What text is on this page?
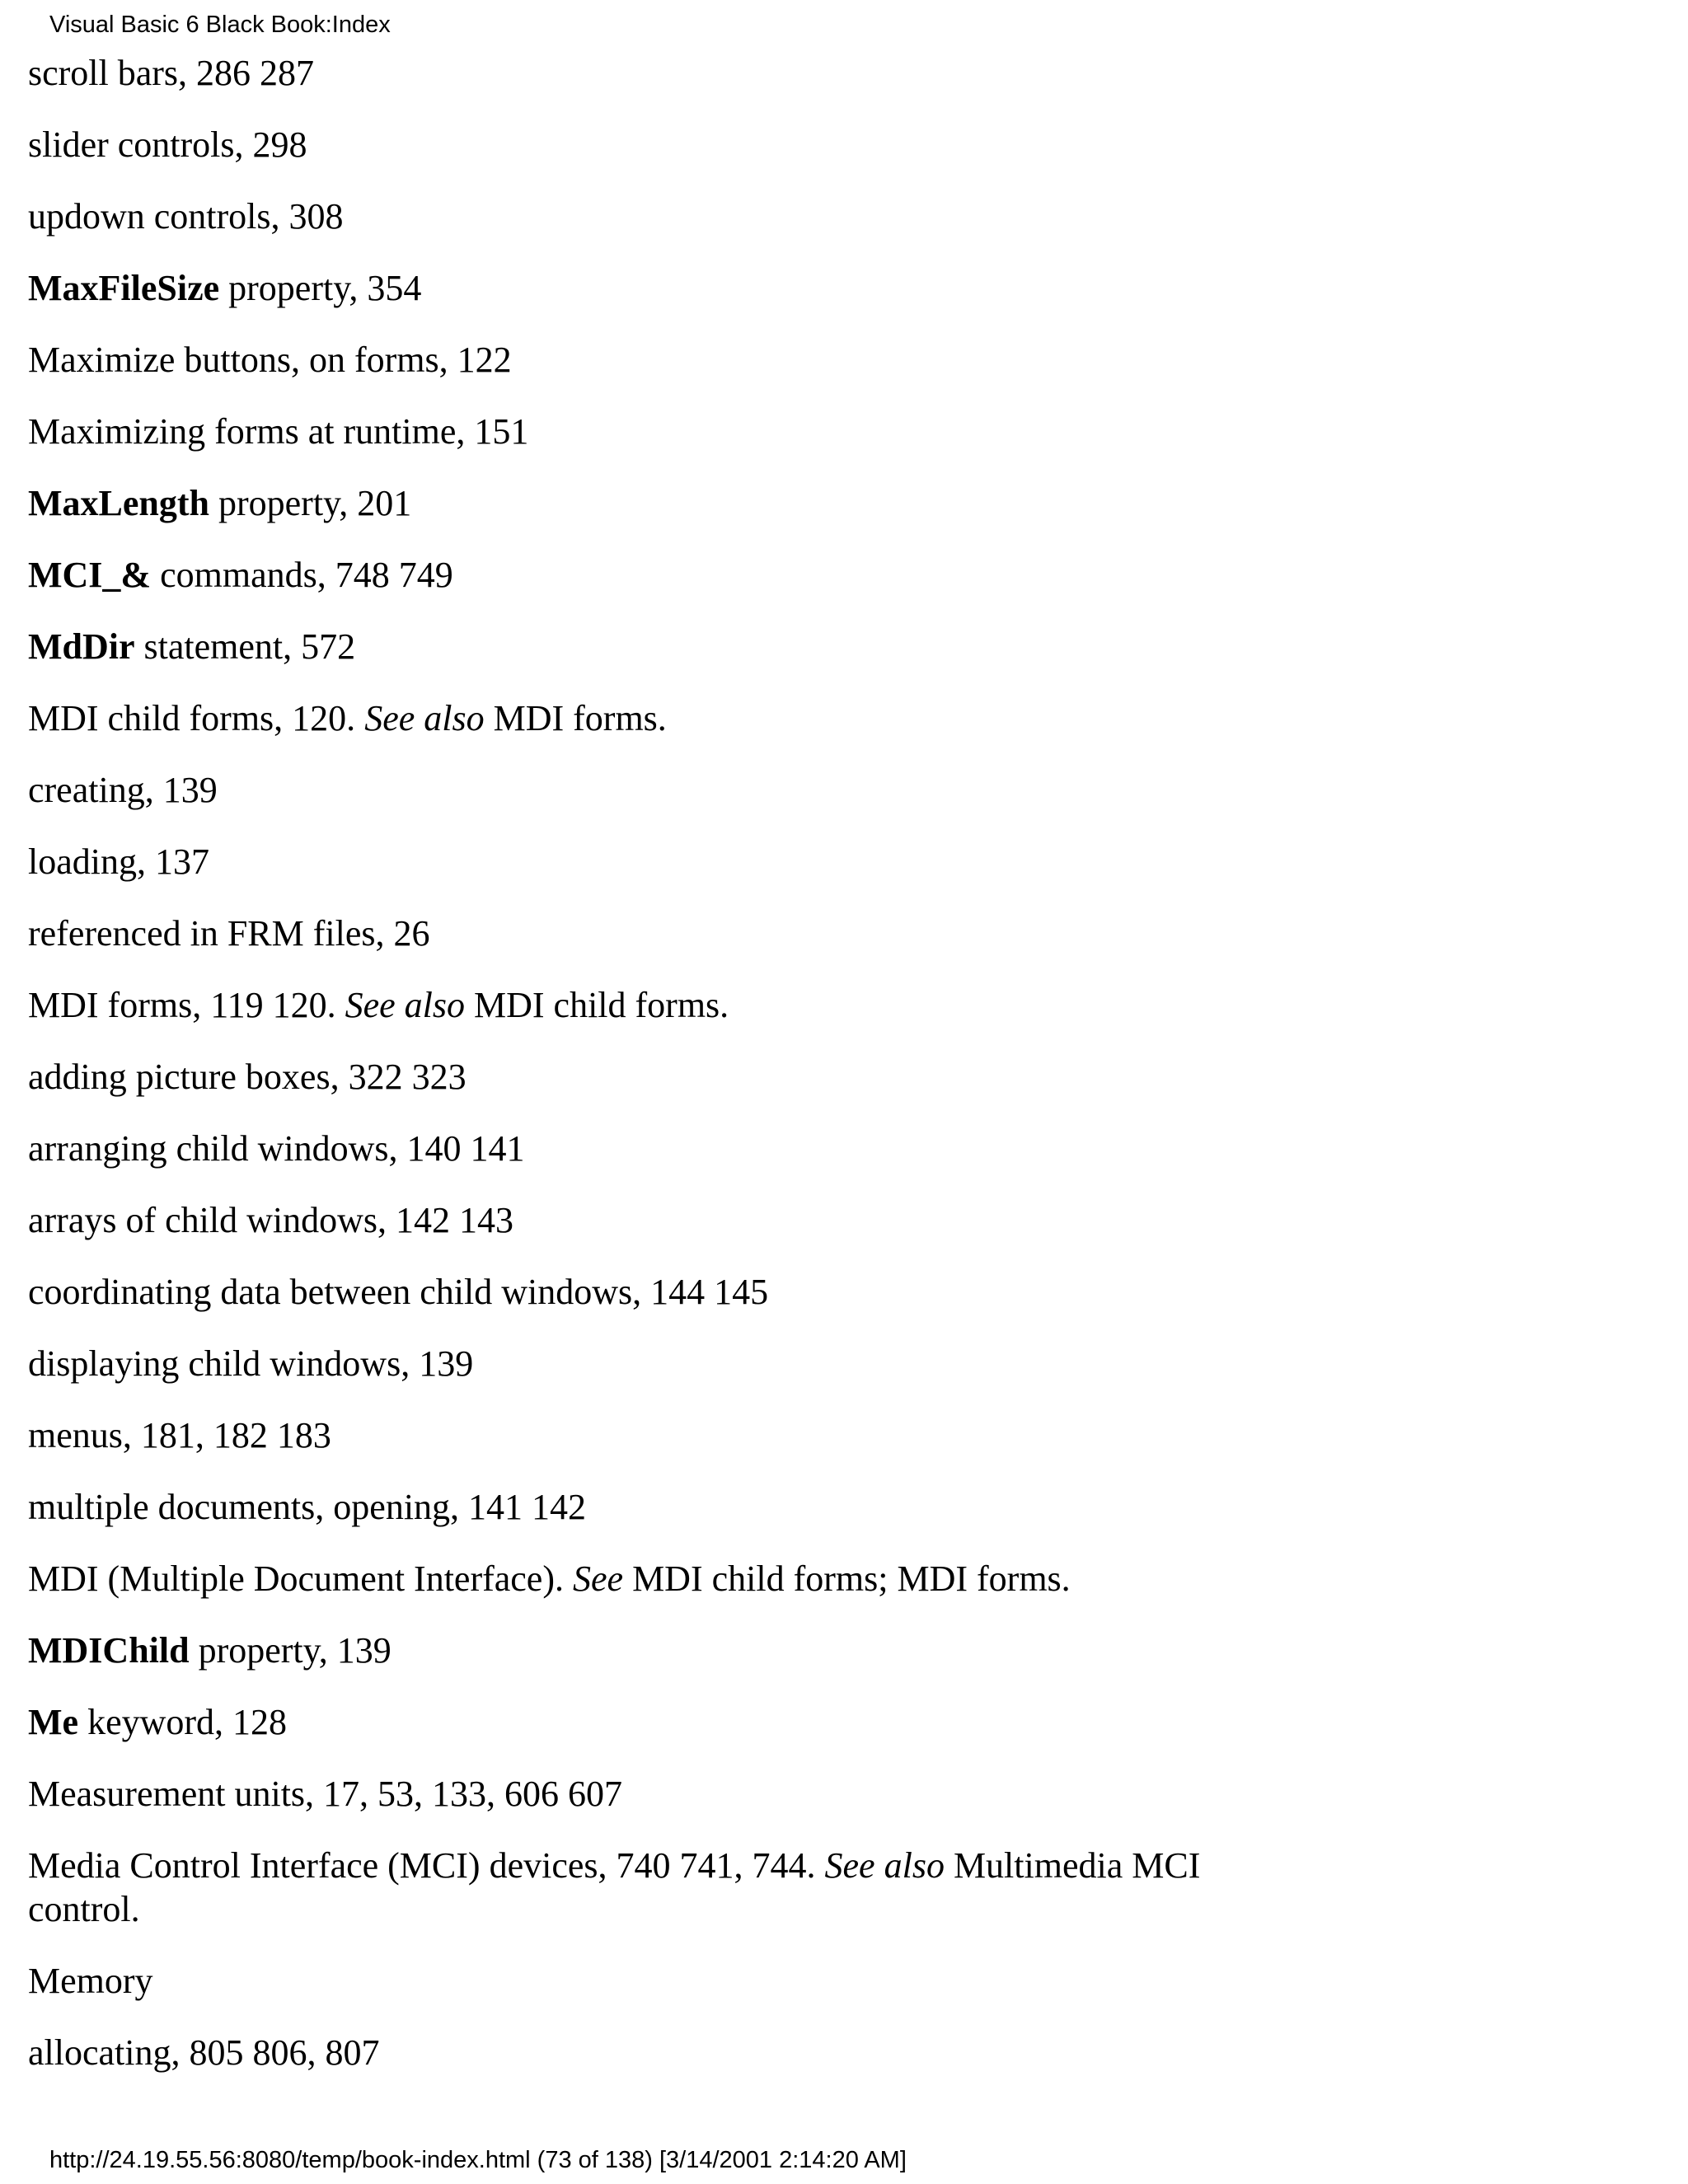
Visual Basic 6 Black Book:Index
scroll bars, 286 287
slider controls, 298
updown controls, 308
MaxFileSize property, 354
Maximize buttons, on forms, 122
Maximizing forms at runtime, 151
MaxLength property, 201
MCI_& commands, 748 749
MdDir statement, 572
MDI child forms, 120. See also MDI forms.
creating, 139
loading, 137
referenced in FRM files, 26
MDI forms, 119 120. See also MDI child forms.
adding picture boxes, 322 323
arranging child windows, 140 141
arrays of child windows, 142 143
coordinating data between child windows, 144 145
displaying child windows, 139
menus, 181, 182 183
multiple documents, opening, 141 142
MDI (Multiple Document Interface). See MDI child forms; MDI forms.
MDIChild property, 139
Me keyword, 128
Measurement units, 17, 53, 133, 606 607
Media Control Interface (MCI) devices, 740 741, 744. See also Multimedia MCI control.
Memory
allocating, 805 806, 807
http://24.19.55.56:8080/temp/book-index.html (73 of 138) [3/14/2001 2:14:20 AM]
